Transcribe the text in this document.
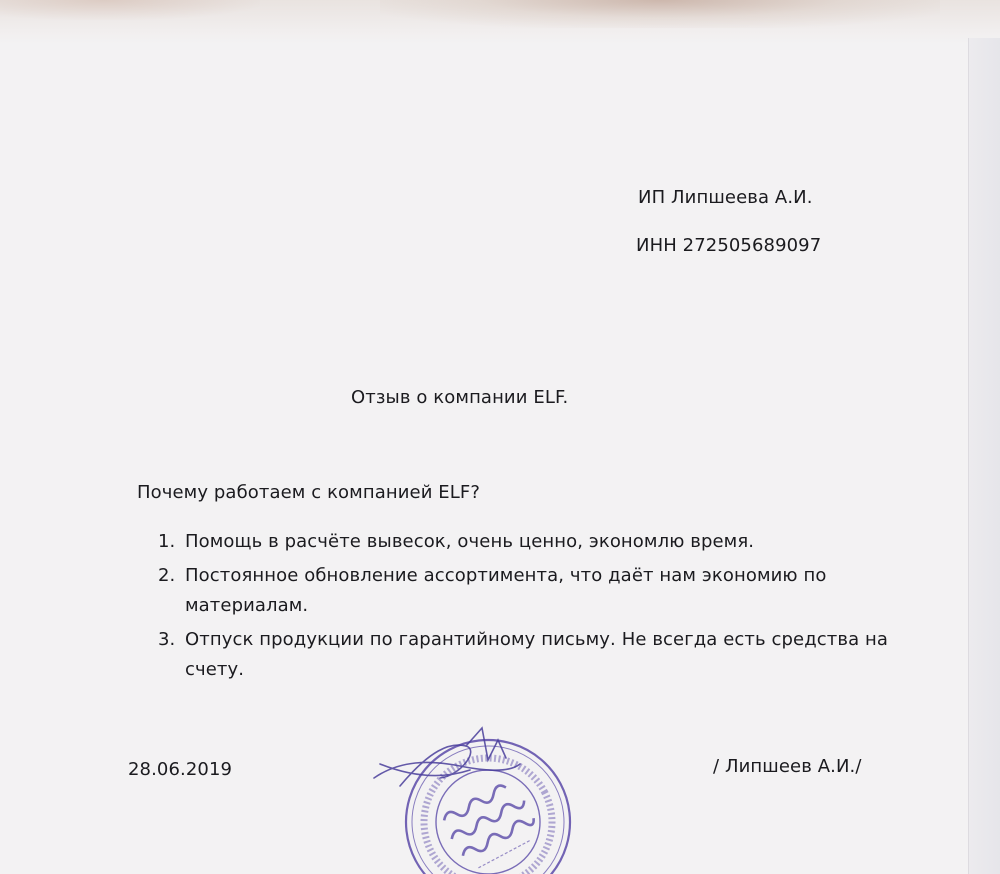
ИП Липшеева А.И.
ИНН 272505689097
Отзыв о компании ELF.
Почему работаем с компанией ELF?
1. Помощь в расчёте вывесок, очень ценно, экономлю время.
2. Постоянное обновление ассортимента, что даёт нам экономию по
материалам.
3. Отпуск продукции по гарантийному письму. Не всегда есть средства на
счету.
28.06.2019	/ Липшеев А.И./
